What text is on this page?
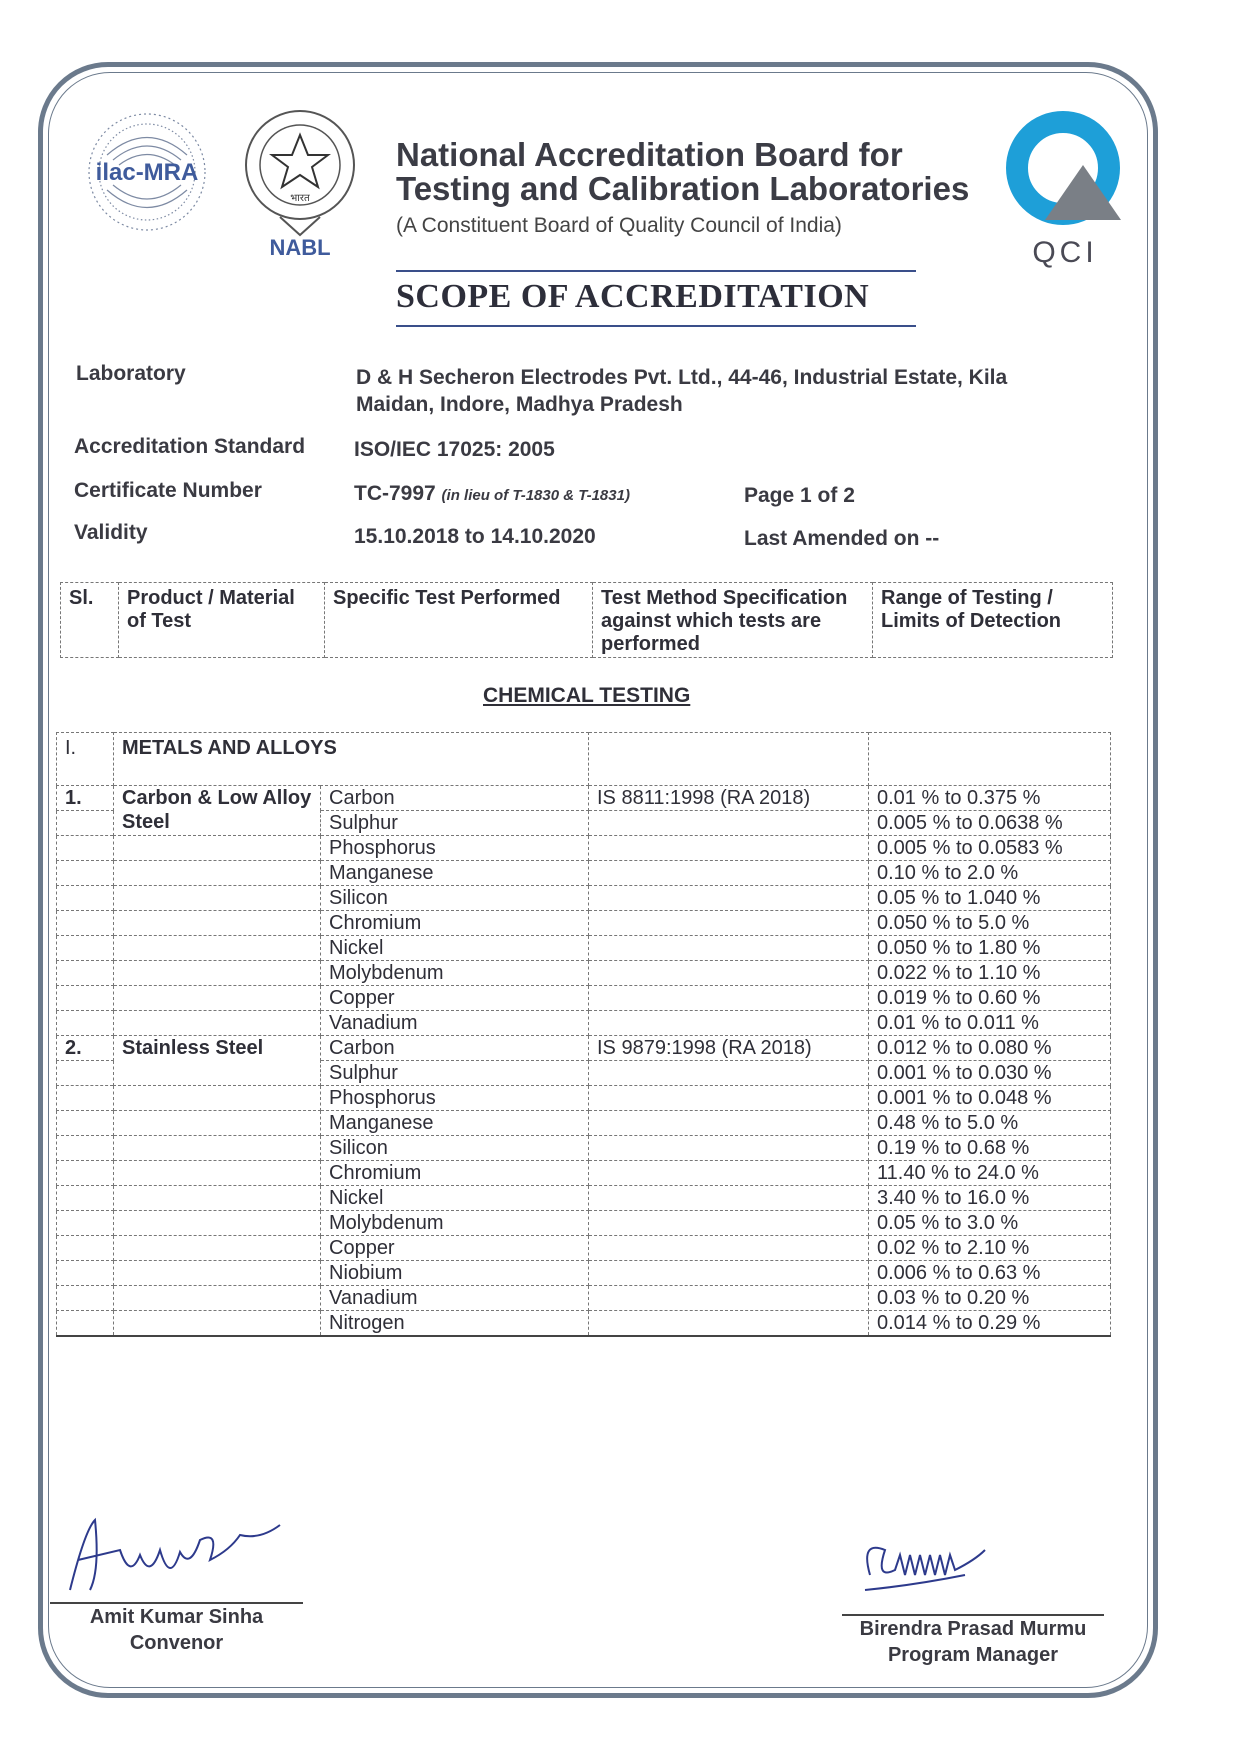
ilac-MRA
भारत
NABL
National Accreditation Board for
Testing and Calibration Laboratories
(A Constituent Board of Quality Council of India)
QCI
SCOPE OF ACCREDITATION
Laboratory	D & H Secheron Electrodes Pvt. Ltd., 44-46, Industrial Estate, Kila
Maidan, Indore, Madhya Pradesh
Accreditation Standard ISO/IEC 17025: 2005
Certificate Number	TC-7997 (in lieu of T-1830 & T-1831)	Page 1 of 2
Validity	15.10.2018 to 14.10.2020	Last Amended on --
Sl.	Product / Material of Test	Specific Test Performed	Test Method Specification against which tests are performed	Range of Testing / Limits of Detection
CHEMICAL TESTING
I.	METALS AND ALLOYS			
1.	Carbon & Low Alloy Steel	Carbon	IS 8811:1998 (RA 2018)	0.01 % to 0.375 %
		Sulphur		0.005 % to 0.0638 %
		Phosphorus		0.005 % to 0.0583 %
		Manganese		0.10 % to 2.0 %
		Silicon		0.05 % to 1.040 %
		Chromium		0.050 % to 5.0 %
		Nickel		0.050 % to 1.80 %
		Molybdenum		0.022 % to 1.10 %
		Copper		0.019 % to 0.60 %
		Vanadium		0.01 % to 0.011 %
2.	Stainless Steel	Carbon	IS 9879:1998 (RA 2018)	0.012 % to 0.080 %
		Sulphur		0.001 % to 0.030 %
		Phosphorus		0.001 % to 0.048 %
		Manganese		0.48 % to 5.0 %
		Silicon		0.19 % to 0.68 %
		Chromium		11.40 % to 24.0 %
		Nickel		3.40 % to 16.0 %
		Molybdenum		0.05 % to 3.0 %
		Copper		0.02 % to 2.10 %
		Niobium		0.006 % to 0.63 %
		Vanadium		0.03 % to 0.20 %
		Nitrogen		0.014 % to 0.29 %
Amit Kumar Sinha
Convenor
Birendra Prasad Murmu
Program Manager
